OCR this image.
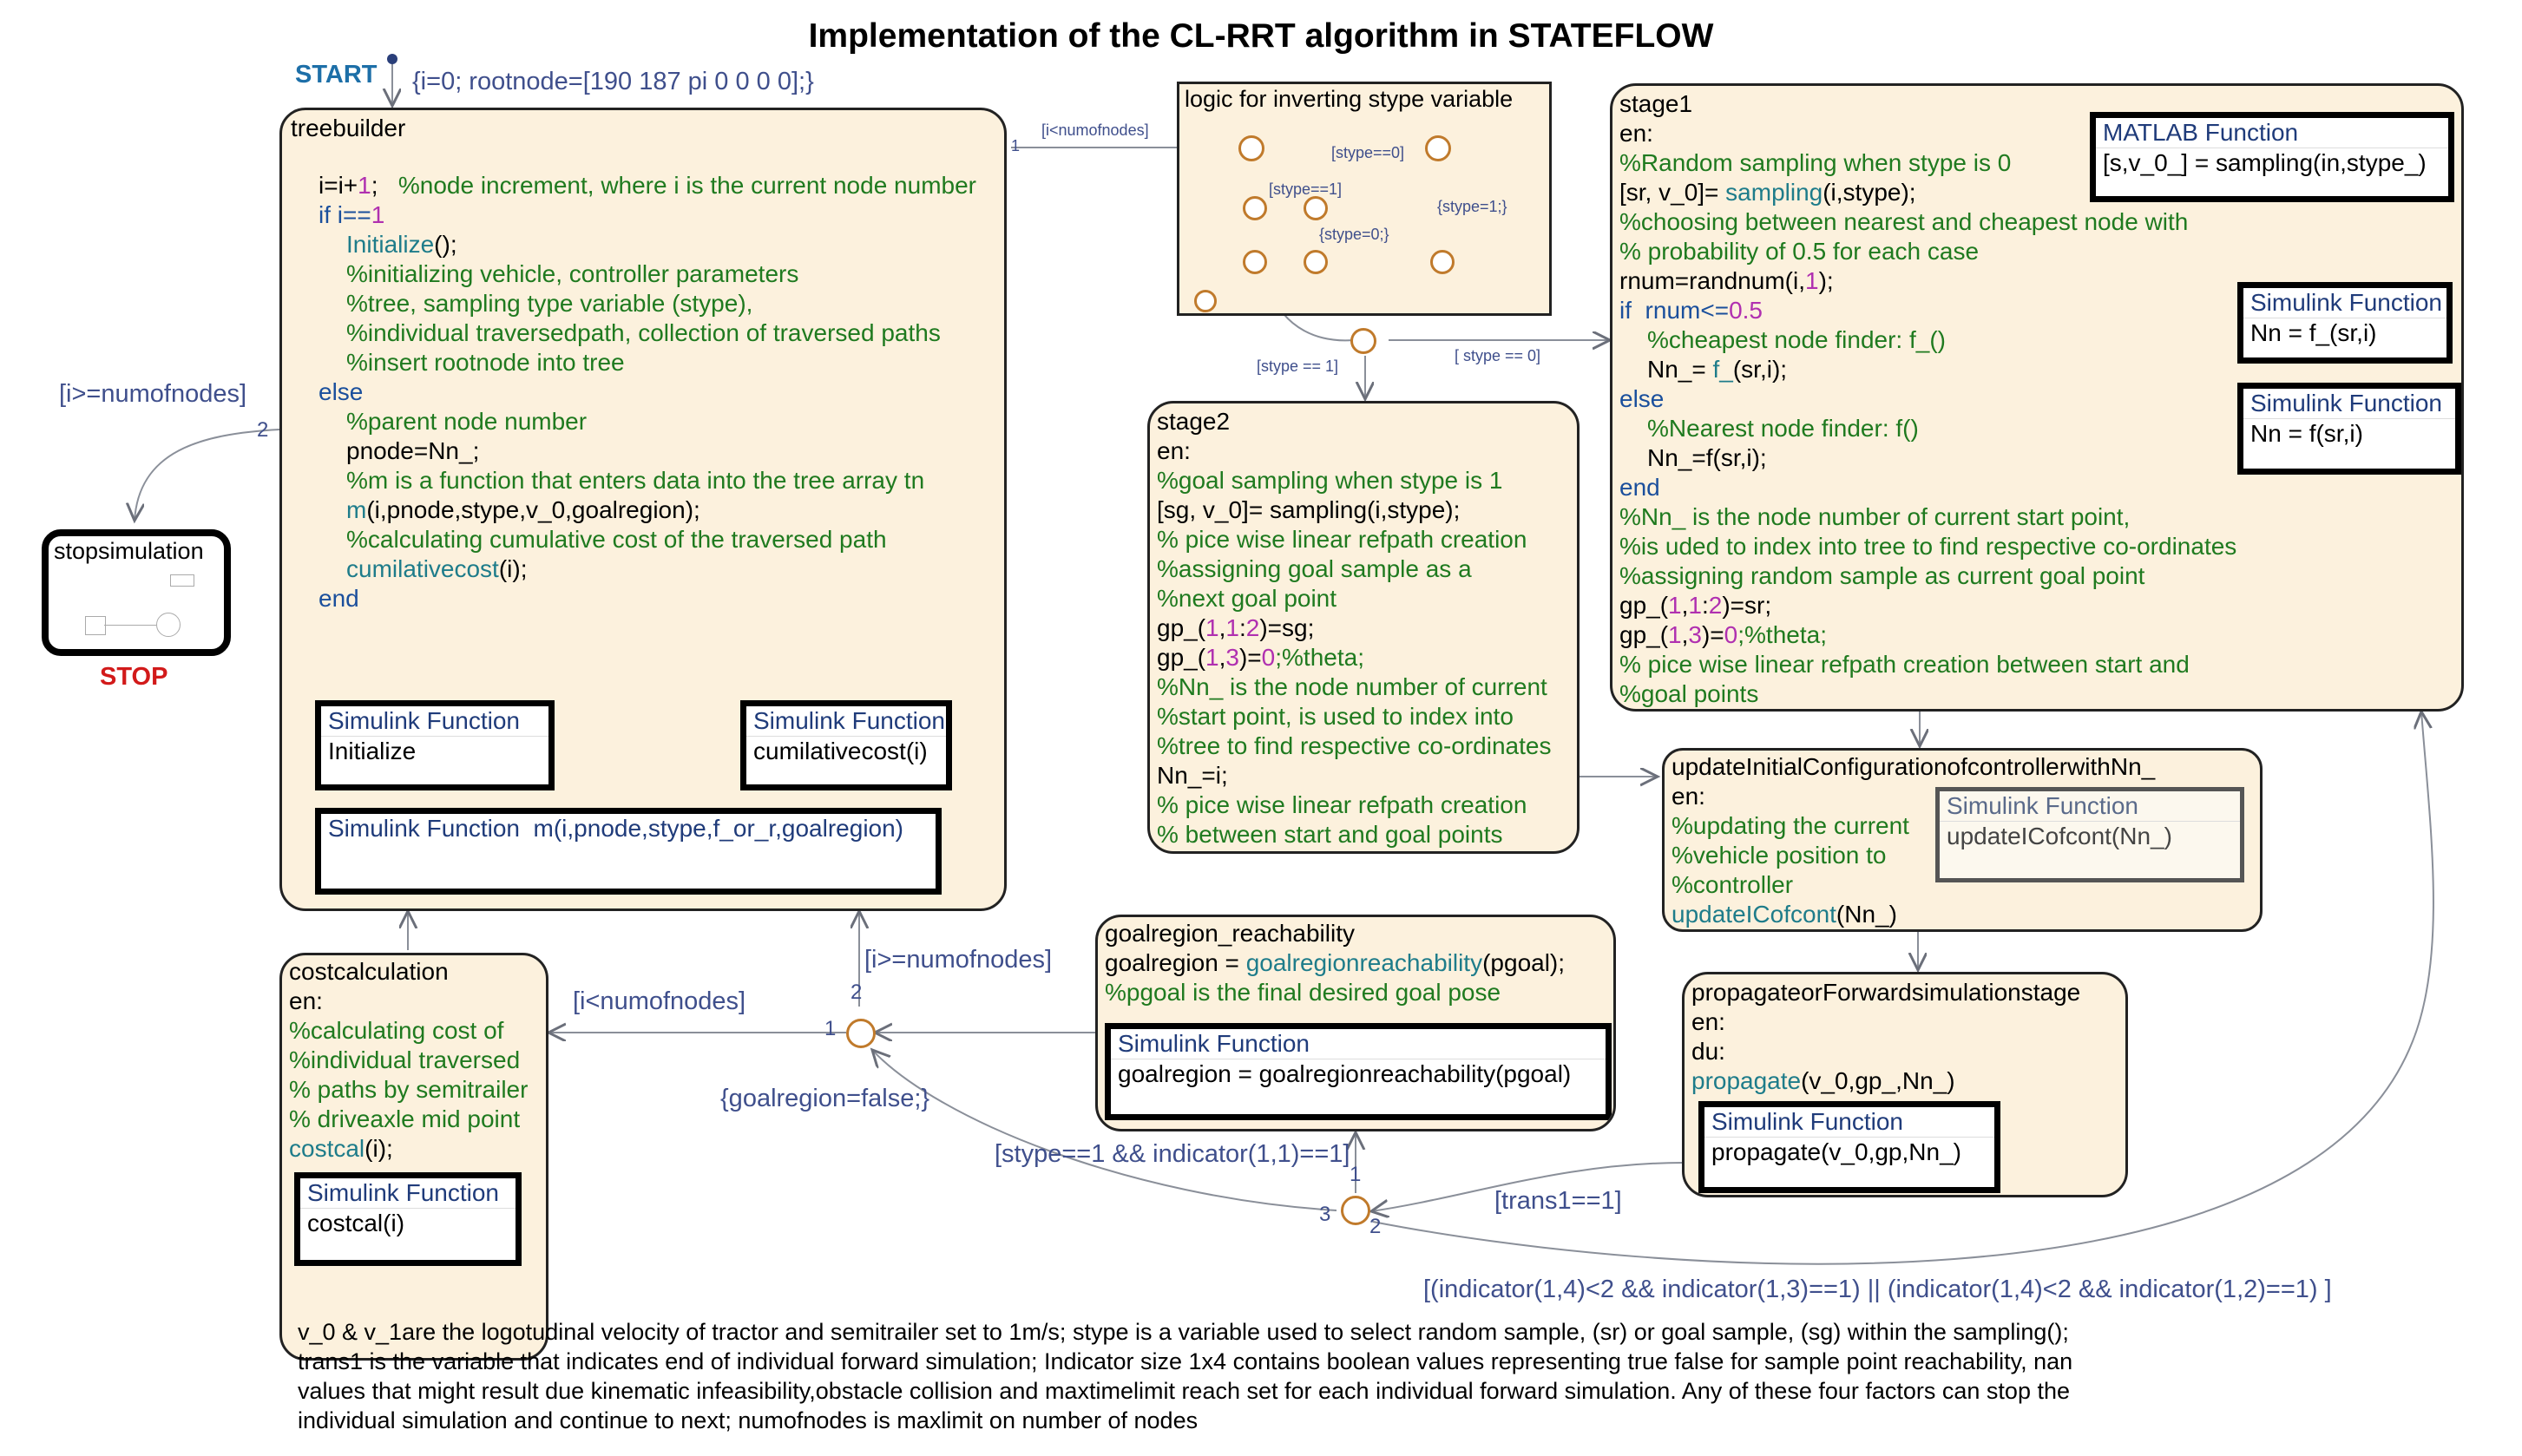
Implementation of the CL-RRT algorithm in STATEFLOW
START {i=0; rootnode=[190 187 pi 0 0 0 0];}
treebuilder
i=i+1;   %node increment, where i is the current node number
if i==1
Initialize();
%initializing vehicle, controller parameters
%tree, sampling type variable (stype),
%individual traversedpath, collection of traversed paths
%insert rootnode into tree
else
%parent node number
pnode=Nn_;
%m is a function that enters data into the tree array tn
m(i,pnode,stype,v_0,goalregion);
%calculating cumulative cost of the traversed path
cumilativecost(i);
end
Simulink Function
Initialize
Simulink Function
cumilativecost(i)
Simulink Function  m(i,pnode,stype,f_or_r,goalregion)
stopsimulation
STOP
[i>=numofnodes]
2
[i<numofnodes]
1
logic for inverting stype variable
[stype==0]
{stype=1;}
[stype==1]
{stype=0;}
[stype == 1]
[ stype == 0]
stage1
en:
%Random sampling when stype is 0
[sr, v_0]= sampling(i,stype);
%choosing between nearest and cheapest node with
% probability of 0.5 for each case
rnum=randnum(i,1);
if  rnum<=0.5
%cheapest node finder: f_()
Nn_= f_(sr,i);
else
%Nearest node finder: f()
Nn_=f(sr,i);
end
%Nn_ is the node number of current start point,
%is uded to index into tree to find respective co-ordinates
%assigning random sample as current goal point
gp_(1,1:2)=sr;
gp_(1,3)=0;%theta;
% pice wise linear refpath creation between start and
%goal points
MATLAB Function
[s,v_0_] = sampling(in,stype_)
Simulink Function
Nn = f_(sr,i)
Simulink Function
Nn = f(sr,i)
stage2
en:
%goal sampling when stype is 1
[sg, v_0]= sampling(i,stype);
% pice wise linear refpath creation
%assigning goal sample as a
%next goal point
gp_(1,1:2)=sg;
gp_(1,3)=0;%theta;
%Nn_ is the node number of current
%start point, is used to index into
%tree to find respective co-ordinates
Nn_=i;
% pice wise linear refpath creation
% between start and goal points
updateInitialConfigurationofcontrollerwithNn_
en:
%updating the current
%vehicle position to
%controller
updateICofcont(Nn_)
Simulink Function
updateICofcont(Nn_)
propagateorForwardsimulationstage
en:
du:
propagate(v_0,gp_,Nn_)
Simulink Function
propagate(v_0,gp,Nn_)
goalregion_reachability
goalregion = goalregionreachability(pgoal);
%pgoal is the final desired goal pose
Simulink Function
goalregion = goalregionreachability(pgoal)
costcalculation
en:
%calculating cost of
%individual traversed
% paths by semitrailer
% driveaxle mid point
costcal(i);
Simulink Function
costcal(i)
[i>=numofnodes]
[i<numofnodes]
{goalregion=false;}
[stype==1 && indicator(1,1)==1]
[trans1==1]
[(indicator(1,4)<2 && indicator(1,3)==1) || (indicator(1,4)<2 && indicator(1,2)==1) ]
2
1
1
3
2
v_0 & v_1are the logotudinal velocity of tractor and semitrailer set to 1m/s; stype is a variable used to select random sample, (sr) or goal sample, (sg) within the sampling();
trans1 is the variable that indicates end of individual forward simulation; Indicator size 1x4 contains boolean values representing true false for sample point reachability, nan
values that might result due kinematic infeasibility,obstacle collision and maxtimelimit reach set for each individual forward simulation. Any of these four factors can stop the
individual simulation and continue to next; numofnodes is maxlimit on number of nodes
